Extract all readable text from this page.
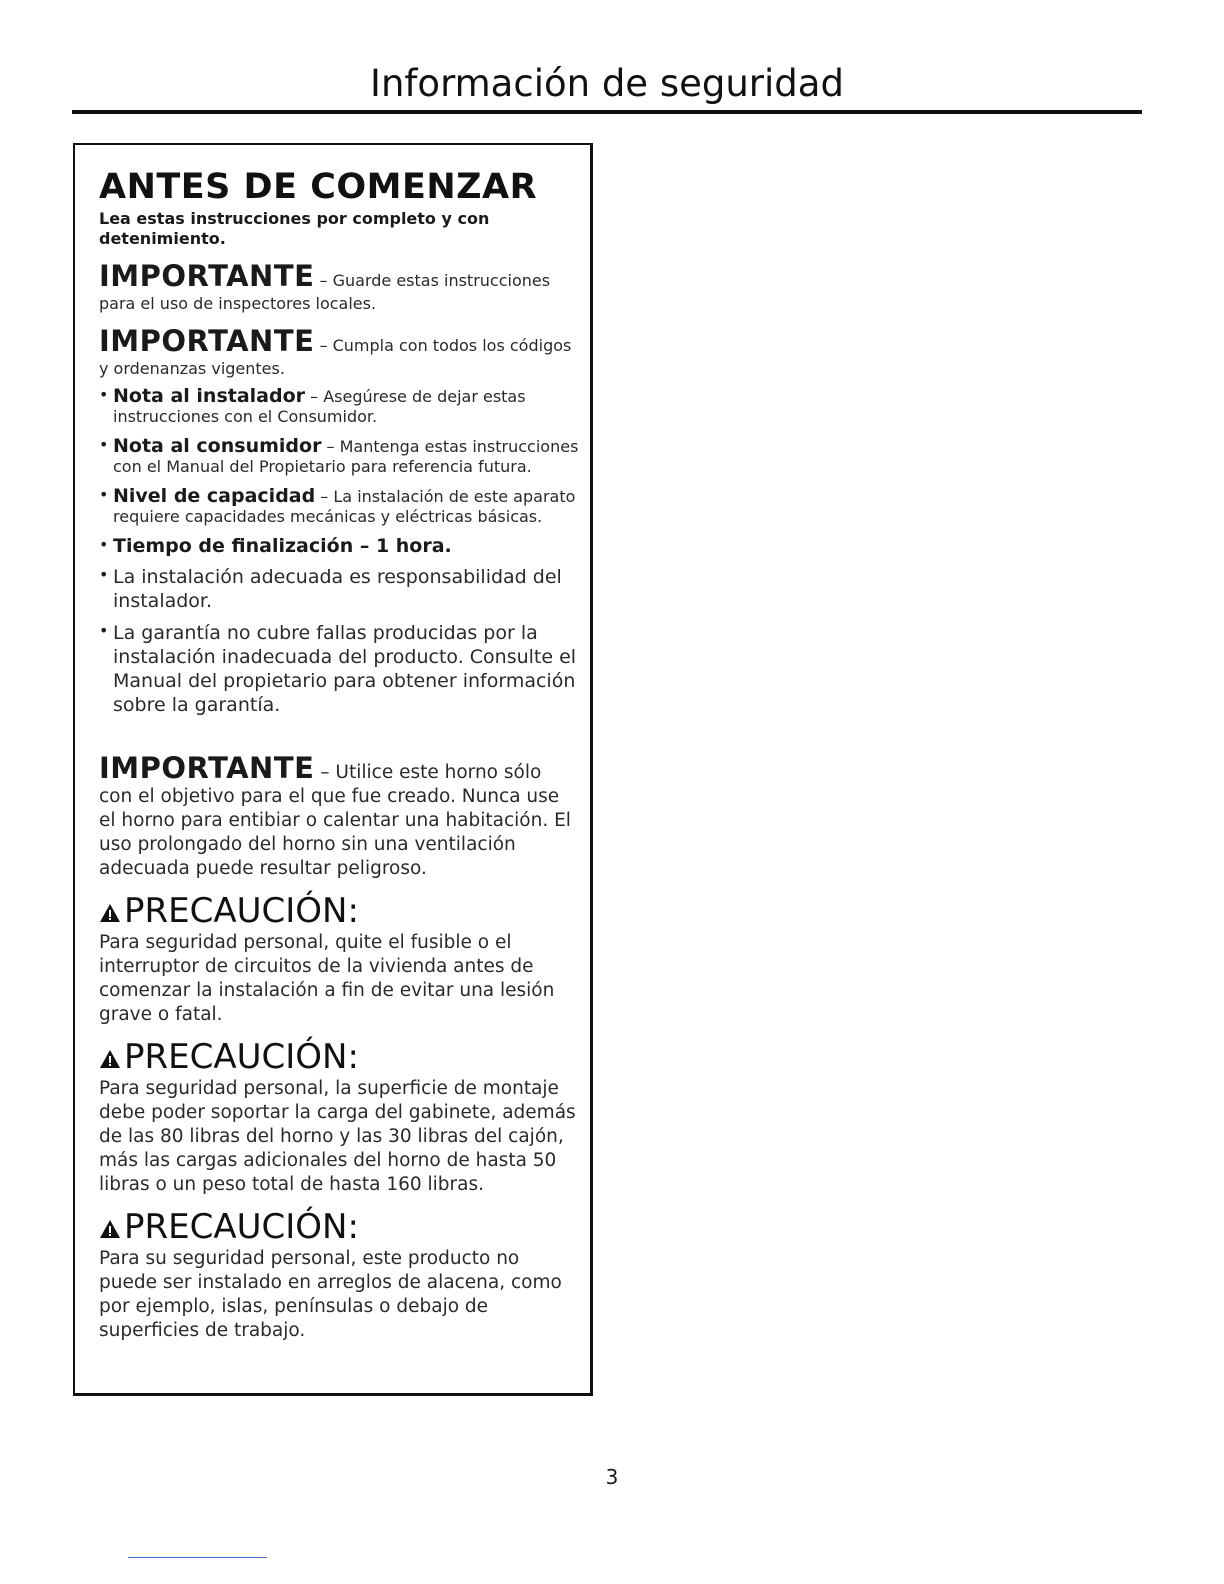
Información de seguridad
ANTES DE COMENZAR
Lea estas instrucciones por completo y con detenimiento.
IMPORTANTE – Guarde estas instrucciones para el uso de inspectores locales.
IMPORTANTE – Cumpla con todos los códigos y ordenanzas vigentes.
• Nota al instalador – Asegúrese de dejar estas instrucciones con el Consumidor.
• Nota al consumidor – Mantenga estas instrucciones con el Manual del Propietario para referencia futura.
• Nivel de capacidad – La instalación de este aparato requiere capacidades mecánicas y eléctricas básicas.
• Tiempo de finalización – 1 hora.
• La instalación adecuada es responsabilidad del instalador.
• La garantía no cubre fallas producidas por la instalación inadecuada del producto. Consulte el Manual del propietario para obtener información sobre la garantía.
IMPORTANTE – Utilice este horno sólo con el objetivo para el que fue creado. Nunca use el horno para entibiar o calentar una habitación. El uso prolongado del horno sin una ventilación adecuada puede resultar peligroso.
PRECAUCIÓN:
Para seguridad personal, quite el fusible o el interruptor de circuitos de la vivienda antes de comenzar la instalación a fin de evitar una lesión grave o fatal.
PRECAUCIÓN:
Para seguridad personal, la superficie de montaje debe poder soportar la carga del gabinete, además de las 80 libras del horno y las 30 libras del cajón, más las cargas adicionales del horno de hasta 50 libras o un peso total de hasta 160 libras.
PRECAUCIÓN:
Para su seguridad personal, este producto no puede ser instalado en arreglos de alacena, como por ejemplo, islas, penínsulas o debajo de superficies de trabajo.
3
